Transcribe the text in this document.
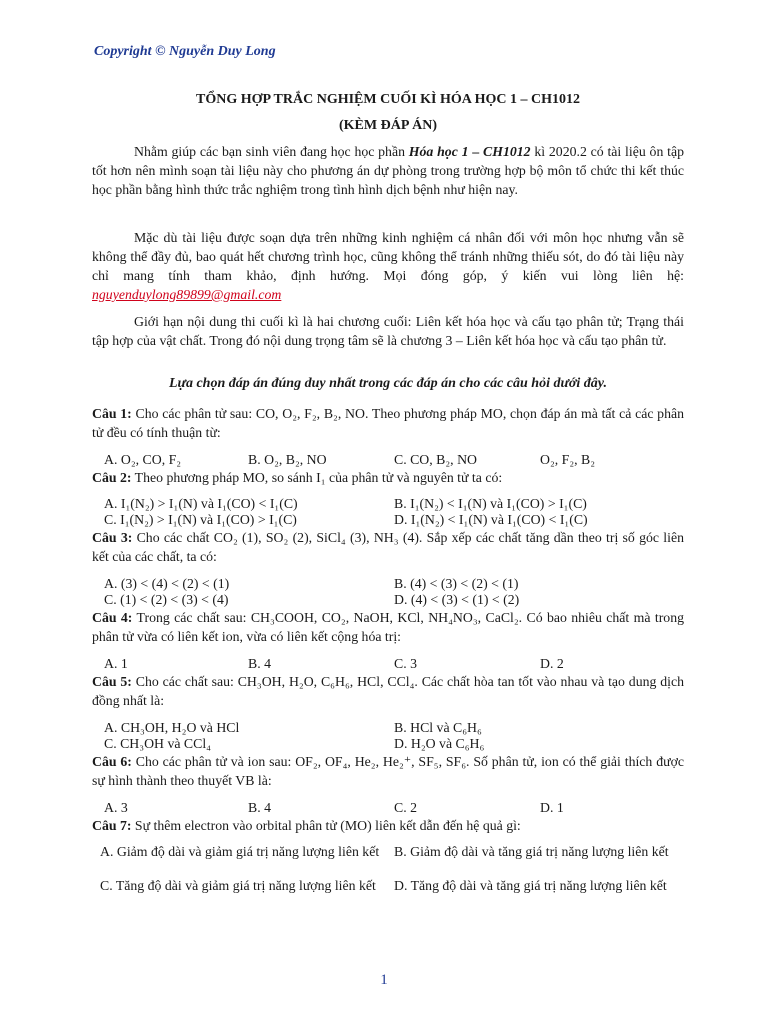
Copyright © Nguyễn Duy Long
TỔNG HỢP TRẮC NGHIỆM CUỐI KÌ HÓA HỌC 1 – CH1012
(KÈM ĐÁP ÁN)
Nhằm giúp các bạn sinh viên đang học học phần Hóa học 1 – CH1012 kì 2020.2 có tài liệu ôn tập tốt hơn nên mình soạn tài liệu này cho phương án dự phòng trong trường hợp bộ môn tổ chức thi kết thúc học phần bằng hình thức trắc nghiệm trong tình hình dịch bệnh như hiện nay.
Mặc dù tài liệu được soạn dựa trên những kinh nghiệm cá nhân đối với môn học nhưng vẫn sẽ không thể đầy đủ, bao quát hết chương trình học, cũng không thể tránh những thiếu sót, do đó tài liệu này chỉ mang tính tham khảo, định hướng. Mọi đóng góp, ý kiến vui lòng liên hệ: nguyenduylong89899@gmail.com
Giới hạn nội dung thi cuối kì là hai chương cuối: Liên kết hóa học và cấu tạo phân tử; Trạng thái tập hợp của vật chất. Trong đó nội dung trọng tâm sẽ là chương 3 – Liên kết hóa học và cấu tạo phân tử.
Lựa chọn đáp án đúng duy nhất trong các đáp án cho các câu hỏi dưới đây.
Câu 1: Cho các phân tử sau: CO, O₂, F₂, B₂, NO. Theo phương pháp MO, chọn đáp án mà tất cả các phân tử đều có tính thuận từ:
A. O₂, CO, F₂	B. O₂, B₂, NO	C. CO, B₂, NO	O₂, F₂, B₂
Câu 2: Theo phương pháp MO, so sánh I₁ của phân tử và nguyên tử ta có:
A. I₁(N₂) > I₁(N) và I₁(CO) < I₁(C)	B. I₁(N₂) < I₁(N) và I₁(CO) > I₁(C)
C. I₁(N₂) > I₁(N) và I₁(CO) > I₁(C)	D. I₁(N₂) < I₁(N) và I₁(CO) < I₁(C)
Câu 3: Cho các chất CO₂ (1), SO₂ (2), SiCl₄ (3), NH₃ (4). Sắp xếp các chất tăng dần theo trị số góc liên kết của các chất, ta có:
A. (3) < (4) < (2) < (1)	B. (4) < (3) < (2) < (1)
C. (1) < (2) < (3) < (4)	D. (4) < (3) < (1) < (2)
Câu 4: Trong các chất sau: CH₃COOH, CO₂, NaOH, KCl, NH₄NO₃, CaCl₂. Có bao nhiêu chất mà trong phân tử vừa có liên kết ion, vừa có liên kết cộng hóa trị:
A. 1	B. 4	C. 3	D. 2
Câu 5: Cho các chất sau: CH₃OH, H₂O, C₆H₆, HCl, CCl₄. Các chất hòa tan tốt vào nhau và tạo dung dịch đồng nhất là:
A. CH₃OH, H₂O và HCl	B. HCl và C₆H₆
C. CH₃OH và CCl₄	D. H₂O và C₆H₆
Câu 6: Cho các phân tử và ion sau: OF₂, OF₄, He₂, He₂⁺, SF₅, SF₆. Số phân tử, ion có thể giải thích được sự hình thành theo thuyết VB là:
A. 3	B. 4	C. 2	D. 1
Câu 7: Sự thêm electron vào orbital phân tử (MO) liên kết dẫn đến hệ quả gì:
A. Giảm độ dài và giảm giá trị năng lượng liên kết	B. Giảm độ dài và tăng giá trị năng lượng liên kết
C. Tăng độ dài và giảm giá trị năng lượng liên kết	D. Tăng độ dài và tăng giá trị năng lượng liên kết
1
